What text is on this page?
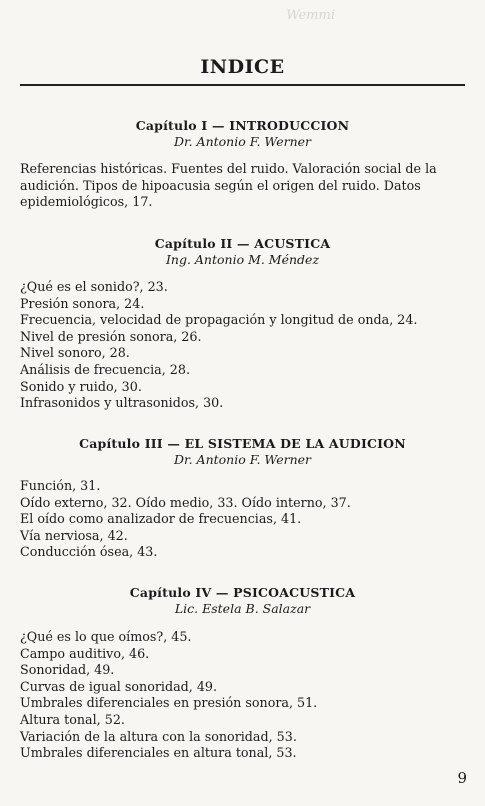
Wemmi
INDICE
Capítulo I — INTRODUCCION
Dr. Antonio F. Werner

Referencias históricas. Fuentes del ruido. Valoración social de la audición. Tipos de hipoacusia según el origen del ruido. Datos epidemiológicos, 17.

Capítulo II — ACUSTICA
Ing. Antonio M. Méndez
¿Qué es el sonido?, 23.
Presión sonora, 24.
Frecuencia, velocidad de propagación y longitud de onda, 24.
Nivel de presión sonora, 26.
Nivel sonoro, 28.
Análisis de frecuencia, 28.
Sonido y ruido, 30.
Infrasonidos y ultrasonidos, 30.
Capítulo III — EL SISTEMA DE LA AUDICION
Dr. Antonio F. Werner
Función, 31.
Oído externo, 32. Oído medio, 33. Oído interno, 37.
El oído como analizador de frecuencias, 41.
Vía nerviosa, 42.
Conducción ósea, 43.
Capítulo IV — PSICOACUSTICA
Lic. Estela B. Salazar
¿Qué es lo que oímos?, 45.
Campo auditivo, 46.
Sonoridad, 49.
Curvas de igual sonoridad, 49.
Umbrales diferenciales en presión sonora, 51.
Altura tonal, 52.
Variación de la altura con la sonoridad, 53.
Umbrales diferenciales en altura tonal, 53.
9
